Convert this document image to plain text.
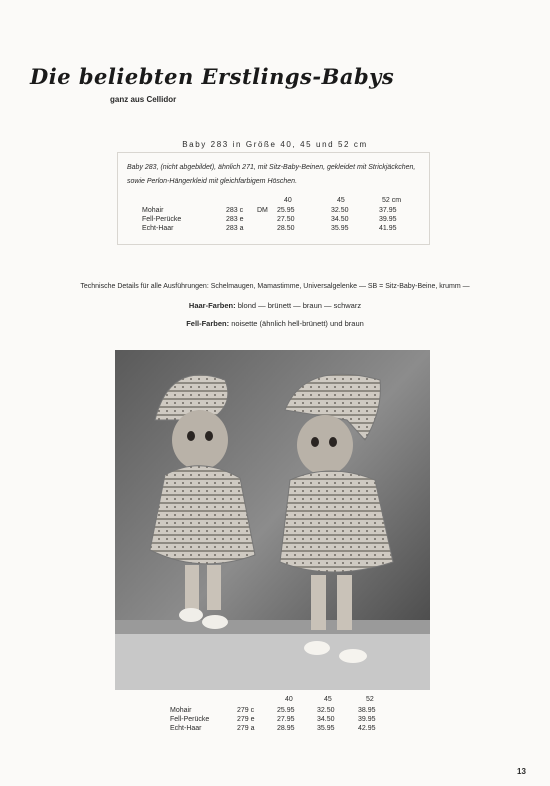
Die beliebten Erstlings-Babys
ganz aus Cellidor
Baby 283 in Größe 40, 45 und 52 cm
Baby 283, (nicht abgebildet), ähnlich 271, mit Sitz-Baby-Beinen, gekleidet mit Strickjäckchen, sowie Perlon-Hängerkleid mit gleichfarbigem Höschen.
40	45	52 cm
Mohair	283 c DM 25.95	32.50	37.95
Fell-Perücke	283 e	27.50	34.50	39.95
Echt-Haar	283 a	28.50	35.95	41.95
Technische Details für alle Ausführungen: Schelmaugen, Mamastimme, Universalgelenke — SB = Sitz-Baby-Beine, krumm —
Haar-Farben: blond — brünett — braun — schwarz
Fell-Farben: noisette (ähnlich hell-brünett) und braun
40	45	52
Mohair	279 c	25.95	32.50	38.95
Fell-Perücke	279 e	27.95	34.50	39.95
Echt-Haar	279 a	28.95	35.95	42.95
13
